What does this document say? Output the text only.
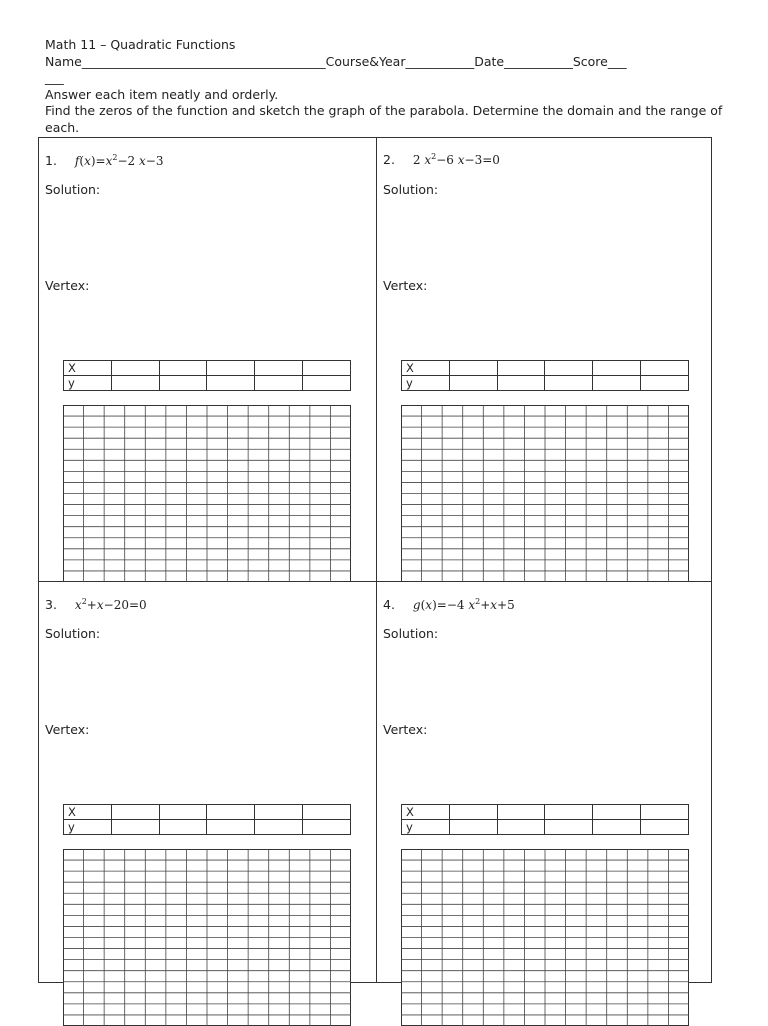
Math 11 – Quadratic Functions
Name_______________________________________Course&Year___________Date___________Score___
___
Answer each item neatly and orderly.
Find the zeros of the function and sketch the graph of the parabola. Determine the domain and the range of each.
1. $f(x)=x^2-2$ x−3
Solution:
Vertex:
X					
y					
2. 2 $x^2-6$ x−3=0
Solution:
Vertex:
X					
y					
3. $x^2+x-20=0$
Solution:
Vertex:
X					
y					
4. g(x)=−4 $x^2+x+5$
Solution:
Vertex:
X					
y					
